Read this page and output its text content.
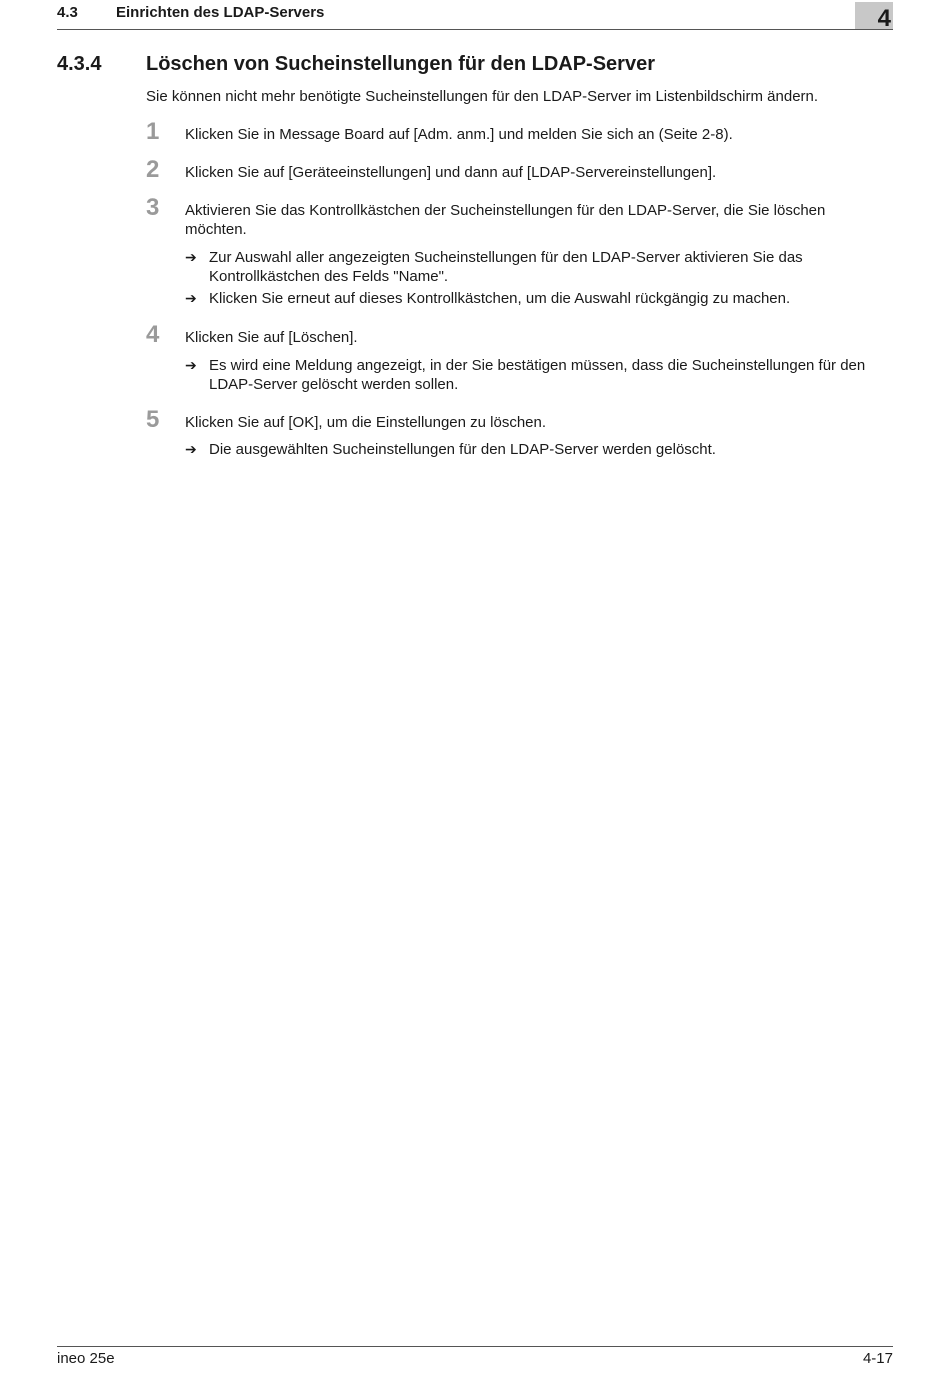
4.3	Einrichten des LDAP-Servers	4
4.3.4 Löschen von Sucheinstellungen für den LDAP-Server
Sie können nicht mehr benötigte Sucheinstellungen für den LDAP-Server im Listenbildschirm ändern.
1 Klicken Sie in Message Board auf [Adm. anm.] und melden Sie sich an (Seite 2-8).
2 Klicken Sie auf [Geräteeinstellungen] und dann auf [LDAP-Servereinstellungen].
3 Aktivieren Sie das Kontrollkästchen der Sucheinstellungen für den LDAP-Server, die Sie löschen möchten.
➔ Zur Auswahl aller angezeigten Sucheinstellungen für den LDAP-Server aktivieren Sie das Kontrollkästchen des Felds "Name".
➔ Klicken Sie erneut auf dieses Kontrollkästchen, um die Auswahl rückgängig zu machen.
4 Klicken Sie auf [Löschen].
➔ Es wird eine Meldung angezeigt, in der Sie bestätigen müssen, dass die Sucheinstellungen für den LDAP-Server gelöscht werden sollen.
5 Klicken Sie auf [OK], um die Einstellungen zu löschen.
➔ Die ausgewählten Sucheinstellungen für den LDAP-Server werden gelöscht.
ineo 25e	4-17
